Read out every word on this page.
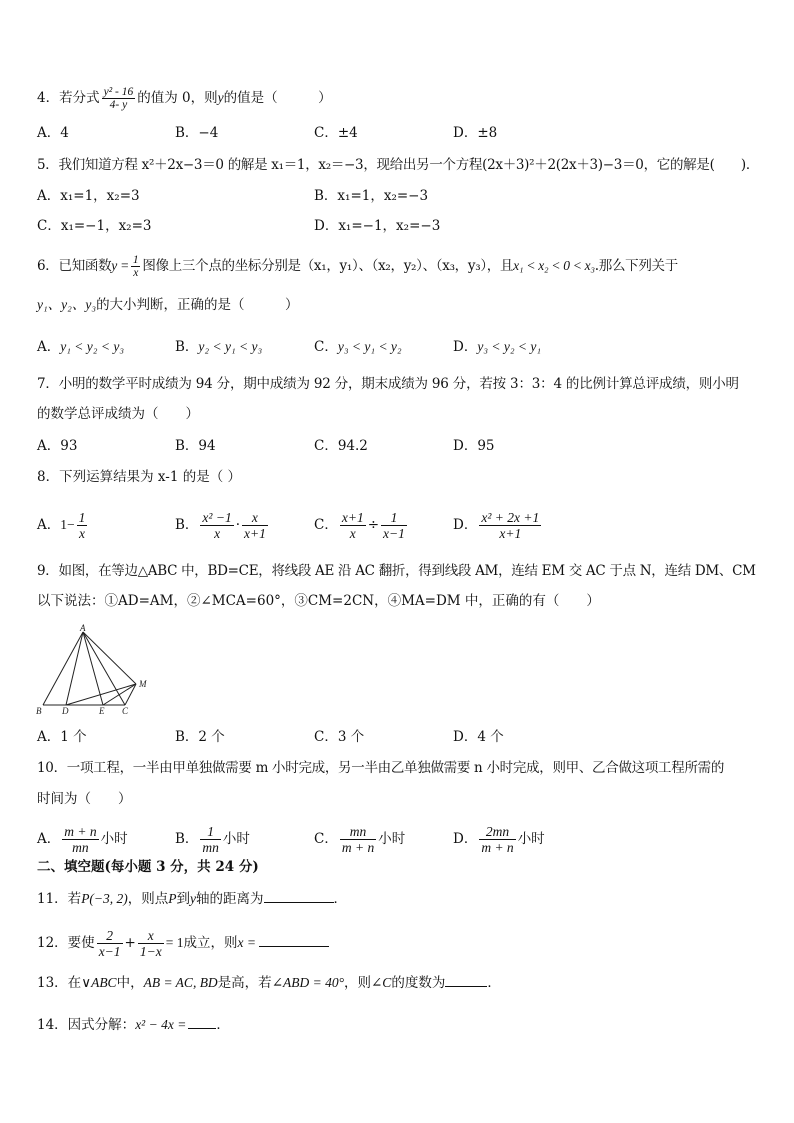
4．若分式 $\frac{\text{y² - 16}}{4- y}$ 的值为 0，则y的值是（　　　）
A．4	B．−4	C．±4	D．±8
5．我们知道方程 x²＋2x−3＝0 的解是 x₁＝1，x₂＝−3，现给出另一个方程(2x＋3)²＋2(2x＋3)−3＝0，它的解是(　　)．
A．x₁=1，x₂=3	B．x₁=1，x₂=−3
C．x₁=−1，x₂=3	D．x₁=−1，x₂=−3
6．已知函数$y = \frac{1}{x}$ 图像上三个点的坐标分别是（x₁，y₁）、（x₂，y₂）、（x₃，y₃），且x₁ < x₂ < 0 < x₃.那么下列关于
y₁、y₂、y₃的大小判断，正确的是（　　　）
A．y₁ < y₂ < y₃	B．y₂ < y₁ < y₃	C．y₃ < y₁ < y₂	D．y₃ < y₂ < y₁
7．小明的数学平时成绩为 94 分，期中成绩为 92 分，期末成绩为 96 分，若按 3：3：4 的比例计算总评成绩，则小明
的数学总评成绩为（　　）
A．93	B．94	C．94.2	D．95
8．下列运算结果为 x-1 的是（ ）
A．$1- \frac{1}{x}$	B． $\frac{\text{x² −1}}{x} \cdot \frac{x}{x+1}$	C． $\frac{x+1}{x} \div \frac{1}{x-1}$	D． $\frac{\text{x² + 2x +1}}{x+1}$
9．如图，在等边△ABC 中，BD=CE，将线段 AE 沿 AC 翻折，得到线段 AM，连结 EM 交 AC 于点 N，连结 DM、CM
以下说法：①AD=AM，②∠MCA=60°，③CM=2CN，④MA=DM 中，正确的有（　　）
A
M
B D	E C
A．1 个	B．2 个	C．3 个	D．4 个
10．一项工程，一半由甲单独做需要 m 小时完成，另一半由乙单独做需要 n 小时完成，则甲、乙合做这项工程所需的
时间为（　　）
A． $\frac{m + n}{mn}$ 小时	B． $\frac{1}{mn}$ 小时	C． $\frac{mn}{m + n}$ 小时	D． $\frac{2mn}{m + n}$ 小时
二、填空题(每小题 3 分，共 24 分)
11．若P(−3, 2)，则点P到y轴的距离为	．
12．要使 $\frac{2}{x-1} + \frac{x}{1-x} = 1$成立，则x =
13．在∨ABC中，AB = AC, BD是高，若∠ABD = 40°，则∠C的度数为	．
14．因式分解：x² − 4x = ．
